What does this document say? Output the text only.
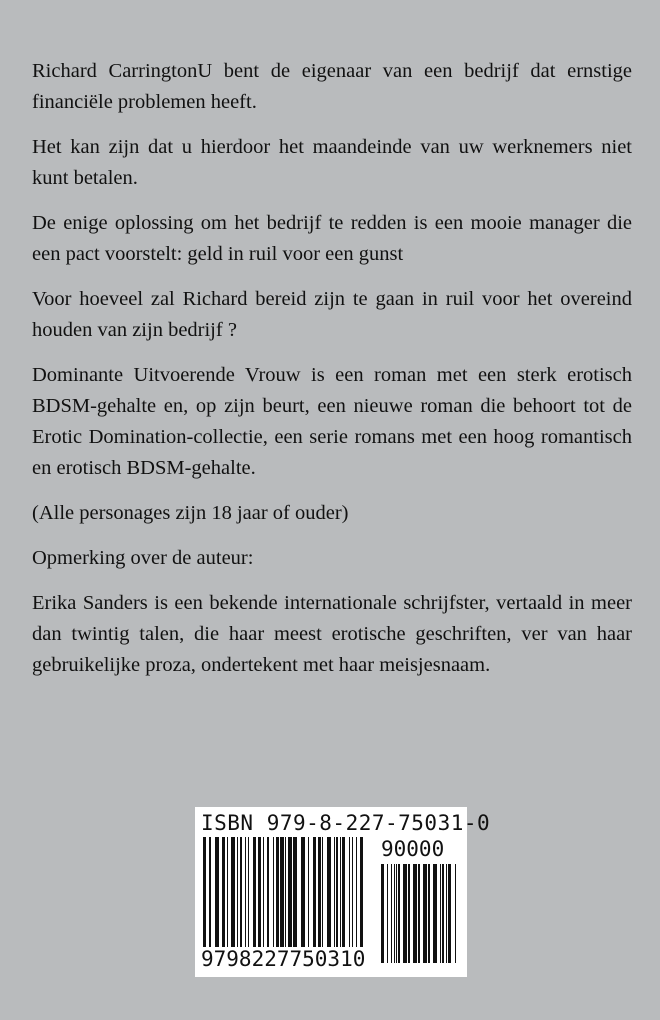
Richard CarringtonU bent de eigenaar van een bedrijf dat ernstige financiële problemen heeft.

Het kan zijn dat u hierdoor het maandeinde van uw werknemers niet kunt betalen.

De enige oplossing om het bedrijf te redden is een mooie manager die een pact voorstelt: geld in ruil voor een gunst

Voor hoeveel zal Richard bereid zijn te gaan in ruil voor het overeind houden van zijn bedrijf ?

Dominante Uitvoerende Vrouw is een roman met een sterk erotisch BDSM-gehalte en, op zijn beurt, een nieuwe roman die behoort tot de Erotic Domination-collectie, een serie romans met een hoog romantisch en erotisch BDSM-gehalte.

(Alle personages zijn 18 jaar of ouder)

Opmerking over de auteur:

Erika Sanders is een bekende internationale schrijfster, vertaald in meer dan twintig talen, die haar meest erotische geschriften, ver van haar gebruikelijke proza, ondertekent met haar meisjesnaam.

ISBN 979-8-227-75031-0
90000
9798227750310
